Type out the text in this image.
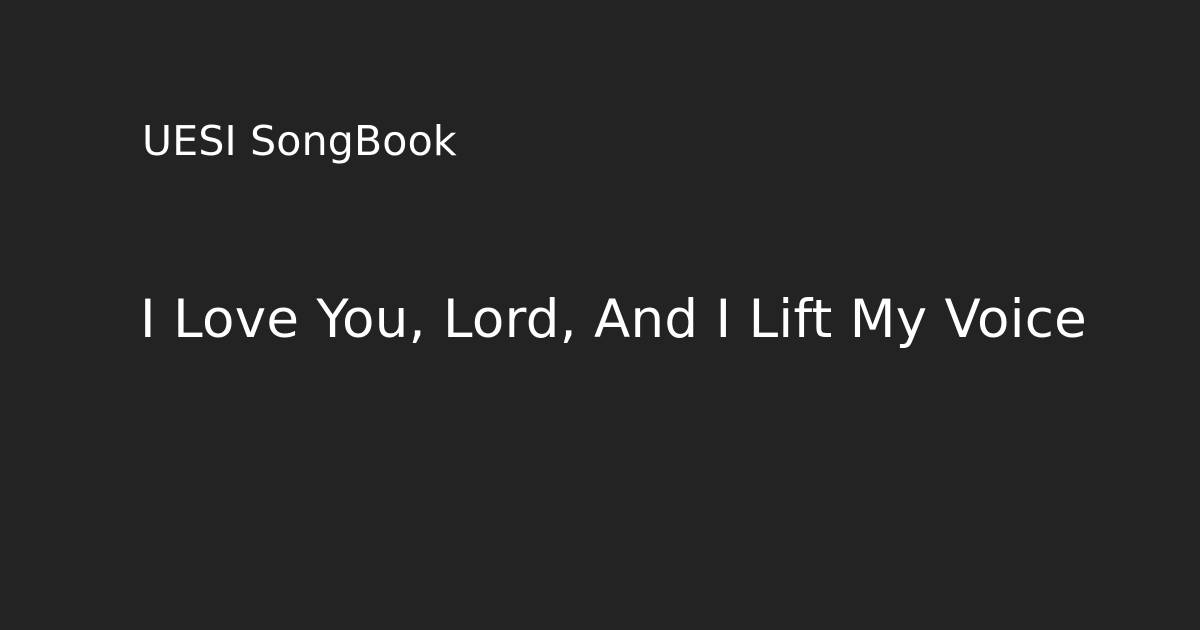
UESI SongBook
I Love You, Lord, And I Lift My Voice
